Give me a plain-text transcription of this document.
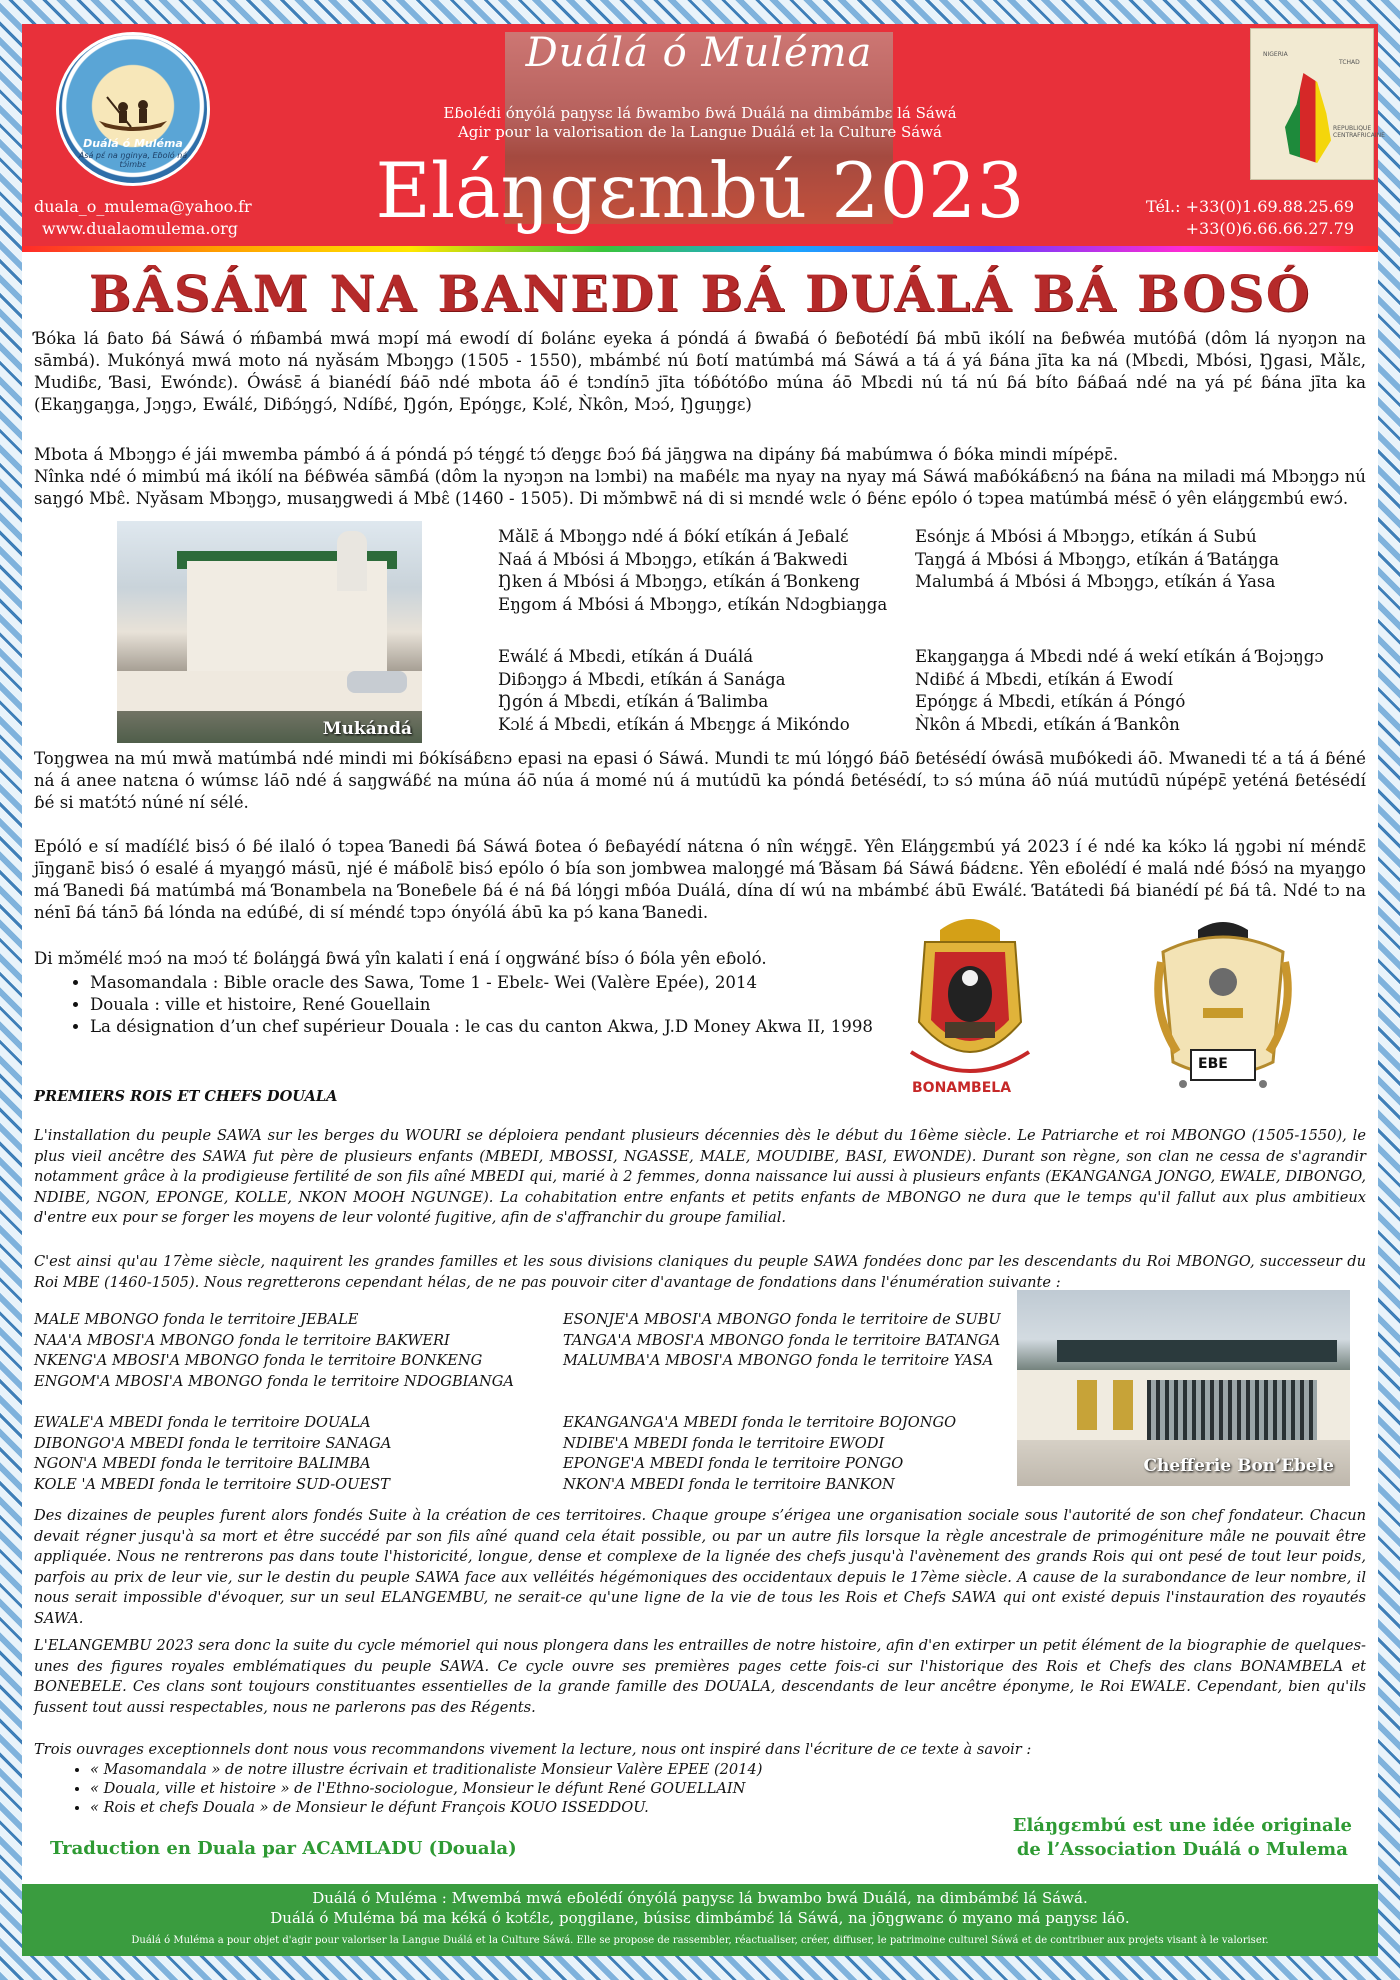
Duálá ó Muléma
Ásá pɛ́ na ŋginya, Eɓoló ná tɔ́imbɛ
Duálá ó Muléma
Eɓolédi ónyólá paŋysɛ lá ɓwambo ɓwá Duálá na dimbámbɛ lá Sáwá
Agir pour la valorisation de la Langue Duálá et la Culture Sáwá
Eláŋgɛmbú 2023
duala_o_mulema@yahoo.fr
www.dualaomulema.org
Tél.: +33(0)1.69.88.25.69
+33(0)6.66.66.27.79
NIGERIA
TCHAD
REPUBLIQUE CENTRAFRICAINE
BÂSÁM NA BANEDI BÁ DUÁLÁ BÁ BOSÓ

Ɓóka lá ɓato ɓá Sáwá ó ḿɓambá mwá mɔpí má ewodí dí ɓolánɛ eyeka á póndá á ɓwaɓá ó ɓeɓotédí ɓá mbū ikólí na ɓeɓwéa mutóɓá (dôm lá nyɔŋɔn na sāmbá). Mukónyá mwá moto ná nyǎsám Mbɔŋgɔ (1505 - 1550), mbámbɛ́ nú ɓotí matúmbá má Sáwá a tá á yá ɓána jīta ka ná (Mbɛdi, Mbósi, Ŋgasi, Mǎlɛ, Mudiɓɛ, Ɓasi, Ewóndɛ). Ówásɛ̄ á bianédí ɓáō ndé mbota áō é tɔndínɔ̄ jīta tóɓótóɓo múna áō Mbɛdi nú tá nú ɓá bíto ɓáɓaá ndé na yá pɛ́ ɓána jīta ka (Ekaŋgaŋga, Jɔŋgɔ, Ewálɛ́, Diɓɔ́ŋgɔ́, Ndíɓɛ́, Ŋgón, Epóŋgɛ, Kɔlɛ́, Ǹkôn, Mɔɔ́, Ŋguŋgɛ)

Mbota á Mbɔŋgɔ é jái mwemba pámbó á á póndá pɔ́ téŋgɛ́ tɔ́ ďeŋgɛ ɓɔɔ́ ɓá jāŋgwa na dipány ɓá mabúmwa ó ɓóka mindi mípépɛ̄.

Nînka ndé ó mimbú má ikólí na ɓéɓwéa sāmɓá (dôm la nyɔŋɔn na lɔmbi) na maɓélɛ ma nyay na nyay má Sáwá maɓókáɓɛnɔ́ na ɓána na miladi má Mbɔŋgɔ nú saŋgó Mbɛ̂. Nyǎsam Mbɔŋgɔ, musaŋgwedi á Mbɛ̂ (1460 - 1505). Di mɔ̌mbwɛ̄ ná di si mɛndé wɛlɛ ó ɓénɛ epólo ó tɔpea matúmbá mésɛ̄ ó yên eláŋgɛmbú ewɔ́.

Mukándá
Mǎlɛ̄ á Mbɔŋgɔ ndé á ɓókí etíkán á Jeɓalɛ́
Naá á Mbósi á Mbɔŋgɔ, etíkán á Ɓakwedi
Ŋken á Mbósi á Mbɔŋgɔ, etíkán á Ɓonkeng
Eŋgom á Mbósi á Mbɔŋgɔ, etíkán Ndɔgbiaŋga
Esónjɛ á Mbósi á Mbɔŋgɔ, etíkán á Subú
Taŋgá á Mbósi á Mbɔŋgɔ, etíkán á Ɓatáŋga
Malumbá á Mbósi á Mbɔŋgɔ, etíkán á Yasa
Ewálɛ́ á Mbɛdi, etíkán á Duálá
Diɓɔŋgɔ á Mbɛdi, etíkán á Sanága
Ŋgón á Mbɛdi, etíkán á Ɓalimba
Kɔlɛ́ á Mbɛdi, etíkán á Mbɛŋgɛ á Mikóndo
Ekaŋgaŋga á Mbɛdi ndé á wekí etíkán á Ɓojɔŋgɔ
Ndiɓɛ́ á Mbɛdi, etíkán á Ewodí
Epóŋgɛ á Mbɛdi, etíkán á Póngó
Ǹkôn á Mbɛdi, etíkán á Ɓankôn

Toŋgwea na mú mwǎ matúmbá ndé mindi mi ɓókísáɓɛnɔ epasi na epasi ó Sáwá. Mundi tɛ mú lóŋgó ɓáō ɓetésédí ówásā muɓókedi áō. Mwanedi tɛ́ a tá á ɓéné ná á anee natɛna ó wúmsɛ láō ndé á saŋgwáɓɛ́ na múna áō núa á momé nú á mutúdū ka póndá ɓetésédí, tɔ sɔ́ múna áō núá mutúdū núpépɛ̄ yeténá ɓetésédí ɓé si matɔ́tɔ́ núné ní sélé.

Epóló e sí madíɛ́lɛ́ bisɔ́ ó ɓé ilaló ó tɔpea Ɓanedi ɓá Sáwá ɓotea ó ɓeɓayédí nátɛna ó nîn wɛ́ŋgɛ̄. Yên Eláŋgɛmbú yá 2023 í é ndé ka kɔ́kɔ lá ŋgɔbi ní méndɛ̄ jīŋganɛ̄ bisɔ́ ó esalé á myaŋgó másū, njé é máɓolɛ̄ bisɔ́ epólo ó bía son jombwea maloŋgé má Ɓǎsam ɓá Sáwá ɓádɛnɛ. Yên eɓolédí é malá ndé ɓɔ́sɔ́ na myaŋgo má Ɓanedi ɓá matúmbá má Ɓonambela na Ɓoneɓele ɓá é ná ɓá lóŋgi mɓóa Duálá, dína dí wú na mbámbɛ́ ábū Ewálɛ́. Ɓatátedi ɓá bianédí pɛ́ ɓá tâ. Ndé tɔ na nénī ɓá tánɔ̄ ɓá lónda na edúɓé, di sí méndɛ́ tɔpɔ ónyólá ábū ka pɔ́ kana Ɓanedi.

Di mɔ̌mélɛ́ mɔɔ́ na mɔɔ́ tɛ́ ɓoláŋgá ɓwá yîn kalati í ená í oŋgwánɛ́ bísɔ ó ɓóla yên eɓoló.

• Masomandala : Bible oracle des Sawa, Tome 1 - Ebelɛ- Wei (Valère Epée), 2014
• Douala : ville et histoire, René Gouellain
• La désignation d’un chef supérieur Douala : le cas du canton Akwa, J.D Money Akwa II, 1998
BONAMBELA
EBE
PREMIERS ROIS ET CHEFS DOUALA

L'installation du peuple SAWA sur les berges du WOURI se déploiera pendant plusieurs décennies dès le début du 16ème siècle. Le Patriarche et roi MBONGO (1505-1550), le plus vieil ancêtre des SAWA fut père de plusieurs enfants (MBEDI, MBOSSI, NGASSE, MALE, MOUDIBE, BASI, EWONDE). Durant son règne, son clan ne cessa de s'agrandir notamment grâce à la prodigieuse fertilité de son fils aîné MBEDI qui, marié à 2 femmes, donna naissance lui aussi à plusieurs enfants (EKANGANGA JONGO, EWALE, DIBONGO, NDIBE, NGON, EPONGE, KOLLE, NKON MOOH NGUNGE). La cohabitation entre enfants et petits enfants de MBONGO ne dura que le temps qu'il fallut aux plus ambitieux d'entre eux pour se forger les moyens de leur volonté fugitive, afin de s'affranchir du groupe familial.

C'est ainsi qu'au 17ème siècle, naquirent les grandes familles et les sous divisions claniques du peuple SAWA fondées donc par les descendants du Roi MBONGO, successeur du Roi MBE (1460-1505). Nous regretterons cependant hélas, de ne pas pouvoir citer d'avantage de fondations dans l'énumération suivante :

MALE MBONGO fonda le territoire JEBALE
NAA'A MBOSI'A MBONGO fonda le territoire BAKWERI
NKENG'A MBOSI'A MBONGO fonda le territoire BONKENG
ENGOM'A MBOSI'A MBONGO fonda le territoire NDOGBIANGA
ESONJE'A MBOSI'A MBONGO fonda le territoire de SUBU
TANGA'A MBOSI'A MBONGO fonda le territoire BATANGA
MALUMBA'A MBOSI'A MBONGO fonda le territoire YASA
EWALE'A MBEDI fonda le territoire DOUALA
DIBONGO'A MBEDI fonda le territoire SANAGA
NGON'A MBEDI fonda le territoire BALIMBA
KOLE 'A MBEDI fonda le territoire SUD-OUEST
EKANGANGA'A MBEDI fonda le territoire BOJONGO
NDIBE'A MBEDI fonda le territoire EWODI
EPONGE'A MBEDI fonda le territoire PONGO
NKON'A MBEDI fonda le territoire BANKON
Chefferie Bon’Ebele

Des dizaines de peuples furent alors fondés Suite à la création de ces territoires. Chaque groupe s’érigea une organisation sociale sous l'autorité de son chef fondateur. Chacun devait régner jusqu'à sa mort et être succédé par son fils aîné quand cela était possible, ou par un autre fils lorsque la règle ancestrale de primogéniture mâle ne pouvait être appliquée. Nous ne rentrerons pas dans toute l'historicité, longue, dense et complexe de la lignée des chefs jusqu'à l'avènement des grands Rois qui ont pesé de tout leur poids, parfois au prix de leur vie, sur le destin du peuple SAWA face aux velléités hégémoniques des occidentaux depuis le 17ème siècle. A cause de la surabondance de leur nombre, il nous serait impossible d'évoquer, sur un seul ELANGEMBU, ne serait-ce qu'une ligne de la vie de tous les Rois et Chefs SAWA qui ont existé depuis l'instauration des royautés SAWA.

L'ELANGEMBU 2023 sera donc la suite du cycle mémoriel qui nous plongera dans les entrailles de notre histoire, afin d'en extirper un petit élément de la biographie de quelques-unes des figures royales emblématiques du peuple SAWA. Ce cycle ouvre ses premières pages cette fois-ci sur l'historique des Rois et Chefs des clans BONAMBELA et BONEBELE. Ces clans sont toujours constituantes essentielles de la grande famille des DOUALA, descendants de leur ancêtre éponyme, le Roi EWALE. Cependant, bien qu'ils fussent tout aussi respectables, nous ne parlerons pas des Régents.

Trois ouvrages exceptionnels dont nous vous recommandons vivement la lecture, nous ont inspiré dans l'écriture de ce texte à savoir :

• « Masomandala » de notre illustre écrivain et traditionaliste Monsieur Valère EPEE (2014)
• « Douala, ville et histoire » de l'Ethno-sociologue, Monsieur le défunt René GOUELLAIN
• « Rois et chefs Douala » de Monsieur le défunt François KOUO ISSEDDOU.
Traduction en Duala par ACAMLADU (Douala)
Eláŋgɛmbú est une idée originale
de l’Association Duálá o Mulema
Duálá ó Muléma : Mwembá mwá eɓolédí ónyólá paŋysɛ lá bwambo bwá Duálá, na dimbámbɛ́ lá Sáwá.
Duálá ó Muléma bá ma kéká ó kɔtɛ́lɛ, poŋgilane, búsisɛ dimbámbɛ́ lá Sáwá, na jōŋgwanɛ ó myano má paŋysɛ láō.
Duálá ó Muléma a pour objet d'agir pour valoriser la Langue Duálá et la Culture Sáwá. Elle se propose de rassembler, réactualiser, créer, diffuser, le patrimoine culturel Sáwá et de contribuer aux projets visant à le valoriser.
